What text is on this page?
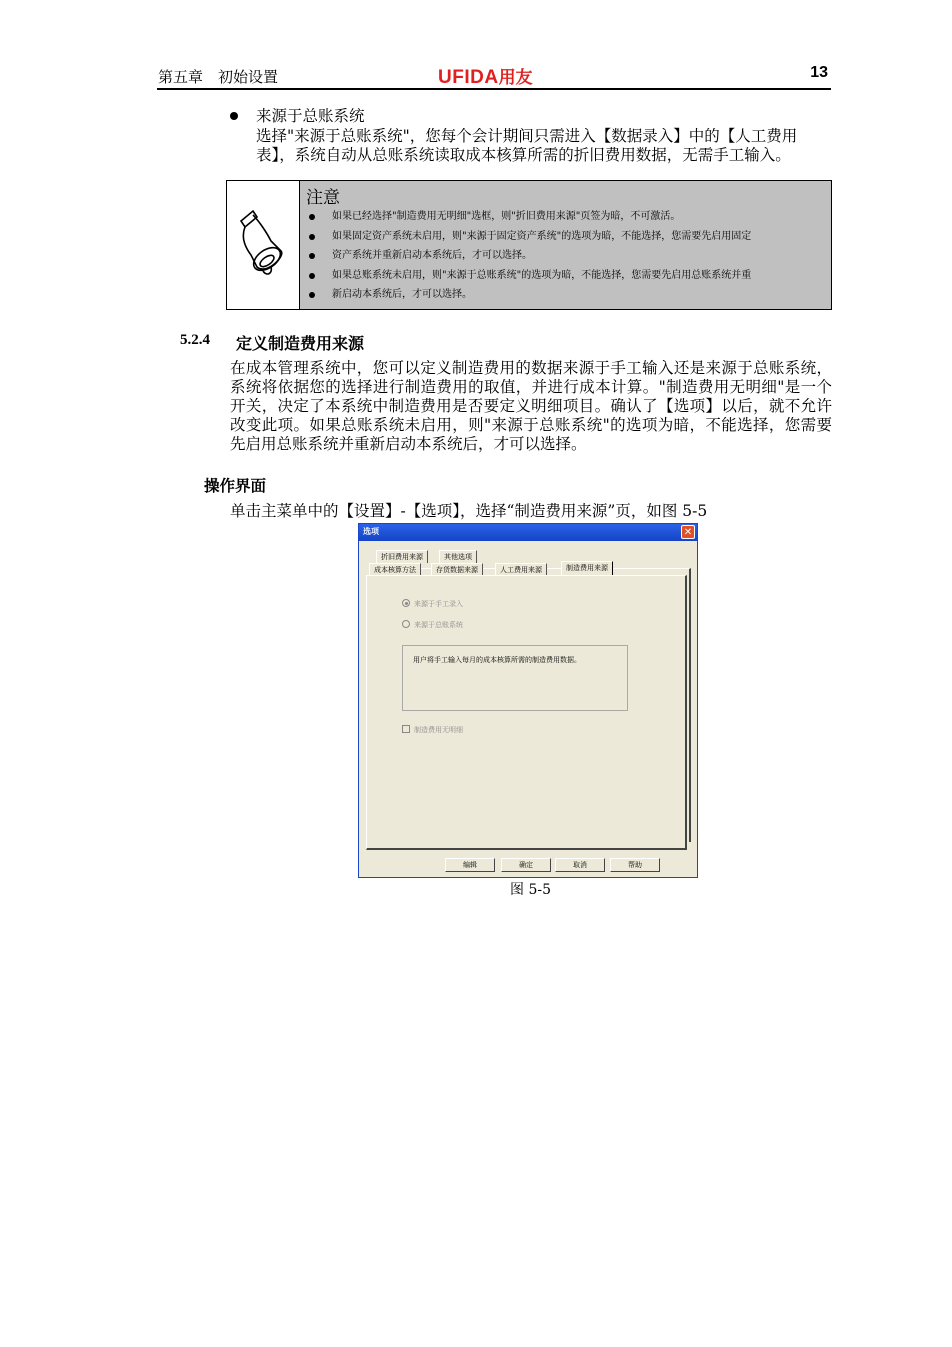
第五章　初始设置	UFIDA用友	13
来源于总账系统
选择"来源于总账系统"，您每个会计期间只需进入【数据录入】中的【人工费用表】，系统自动从总账系统读取成本核算所需的折旧费用数据，无需手工输入。
注意
如果已经选择"制造费用无明细"选框，则"折旧费用来源"页签为暗，不可激活。
如果固定资产系统未启用，则"来源于固定资产系统"的选项为暗，不能选择，您需要先启用固定
资产系统并重新启动本系统后，才可以选择。
如果总账系统未启用，则"来源于总账系统"的选项为暗，不能选择，您需要先启用总账系统并重
新启动本系统后，才可以选择。
5.2.4 定义制造费用来源
在成本管理系统中，您可以定义制造费用的数据来源于手工输入还是来源于总账系统，系统将依据您的选择进行制造费用的取值，并进行成本计算。"制造费用无明细"是一个开关，决定了本系统中制造费用是否要定义明细项目。确认了【选项】以后，就不允许改变此项。如果总账系统未启用，则"来源于总账系统"的选项为暗，不能选择，您需要先启用总账系统并重新启动本系统后，才可以选择。
操作界面
单击主菜单中的【设置】-【选项】，选择“制造费用来源”页，如图 5-5
选项	✕
折旧费用来源	其他选项
成本核算方法	存货数据来源	人工费用来源	制造费用来源
来源于手工录入
来源于总账系统
用户将手工输入每月的成本核算所需的制造费用数据。
制造费用无明细
编辑	确定	取消	帮助
图 5-5
